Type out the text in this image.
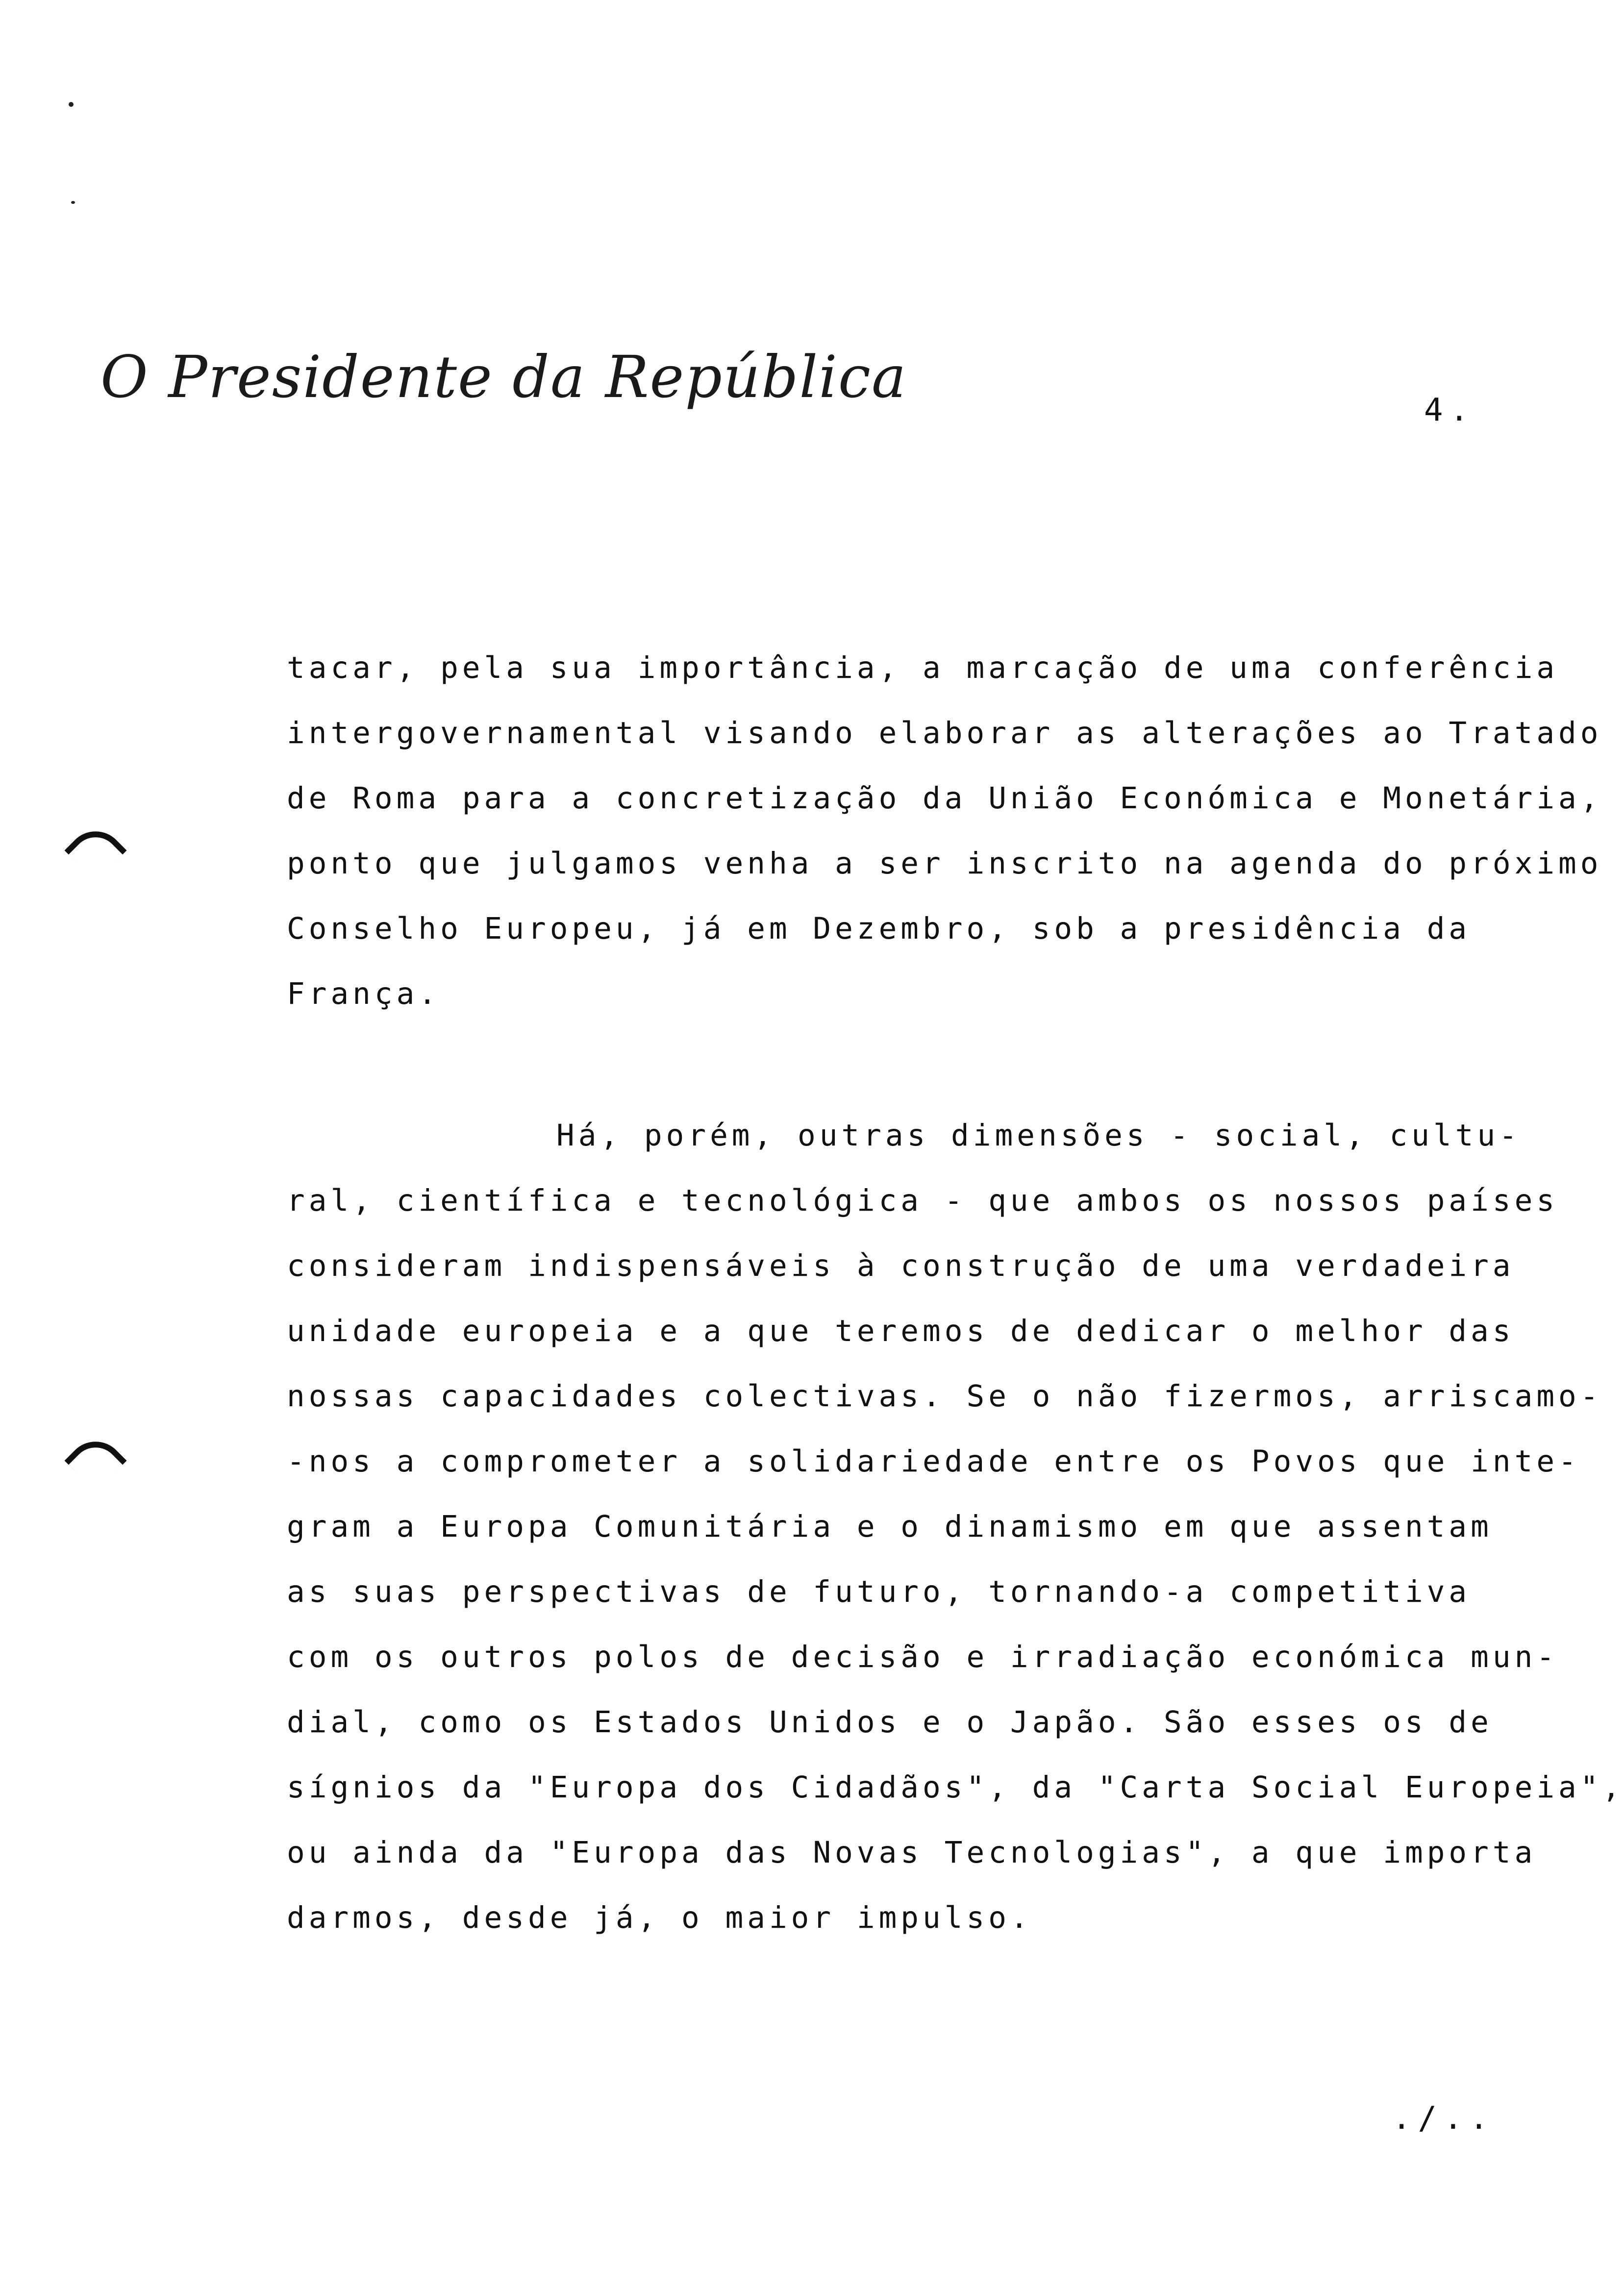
O Presidente da República	4.
tacar, pela sua importância, a marcação de uma conferência
intergovernamental visando elaborar as alterações ao Tratado
de Roma para a concretização da União Económica e Monetária,
ponto que julgamos venha a ser inscrito na agenda do próximo
Conselho Europeu, já em Dezembro, sob a presidência da
França.
Há, porém, outras dimensões - social, cultu-
ral, científica e tecnológica - que ambos os nossos países
consideram indispensáveis à construção de uma verdadeira
unidade europeia e a que teremos de dedicar o melhor das
nossas capacidades colectivas. Se o não fizermos, arriscamo-
-nos a comprometer a solidariedade entre os Povos que inte-
gram a Europa Comunitária e o dinamismo em que assentam
as suas perspectivas de futuro, tornando-a competitiva
com os outros polos de decisão e irradiação económica mun-
dial, como os Estados Unidos e o Japão. São esses os de
sígnios da "Europa dos Cidadãos", da "Carta Social Europeia",
ou ainda da "Europa das Novas Tecnologias", a que importa
darmos, desde já, o maior impulso.
./..
